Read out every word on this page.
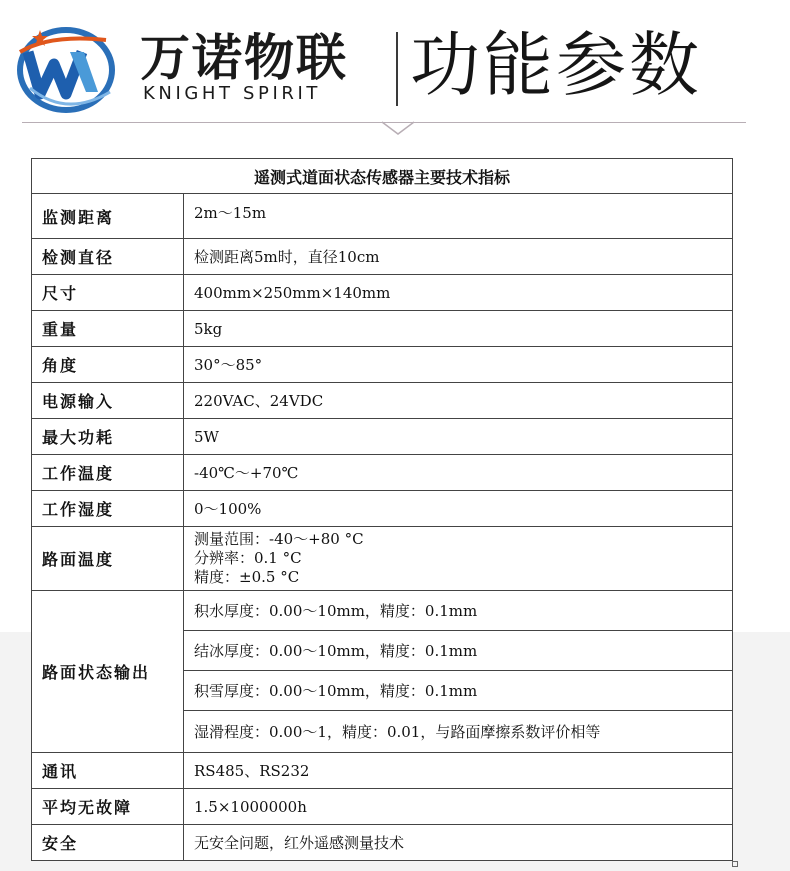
万诺物联
KNIGHT SPIRIT 功能参数
遥测式道面状态传感器主要技术指标	
监测距离	2m～15m
检测直径	检测距离5m时，直径10cm
尺寸	400mm×250mm×140mm
重量	5kg
角度	30°～85°
电源输入	220VAC、24VDC
最大功耗	5W
工作温度	-40℃～+70℃
工作湿度	0～100%
路面温度	测量范围：-40～+80 °C
分辨率：0.1 °C
精度：±0.5 °C

路面状态输出	积水厚度：0.00～10mm，精度：0.1mm
	结冰厚度：0.00～10mm，精度：0.1mm
	积雪厚度：0.00～10mm，精度：0.1mm
	湿滑程度：0.00～1，精度：0.01，与路面摩擦系数评价相等
通讯	RS485、RS232
平均无故障	1.5×1000000h
安全	无安全问题，红外遥感测量技术
